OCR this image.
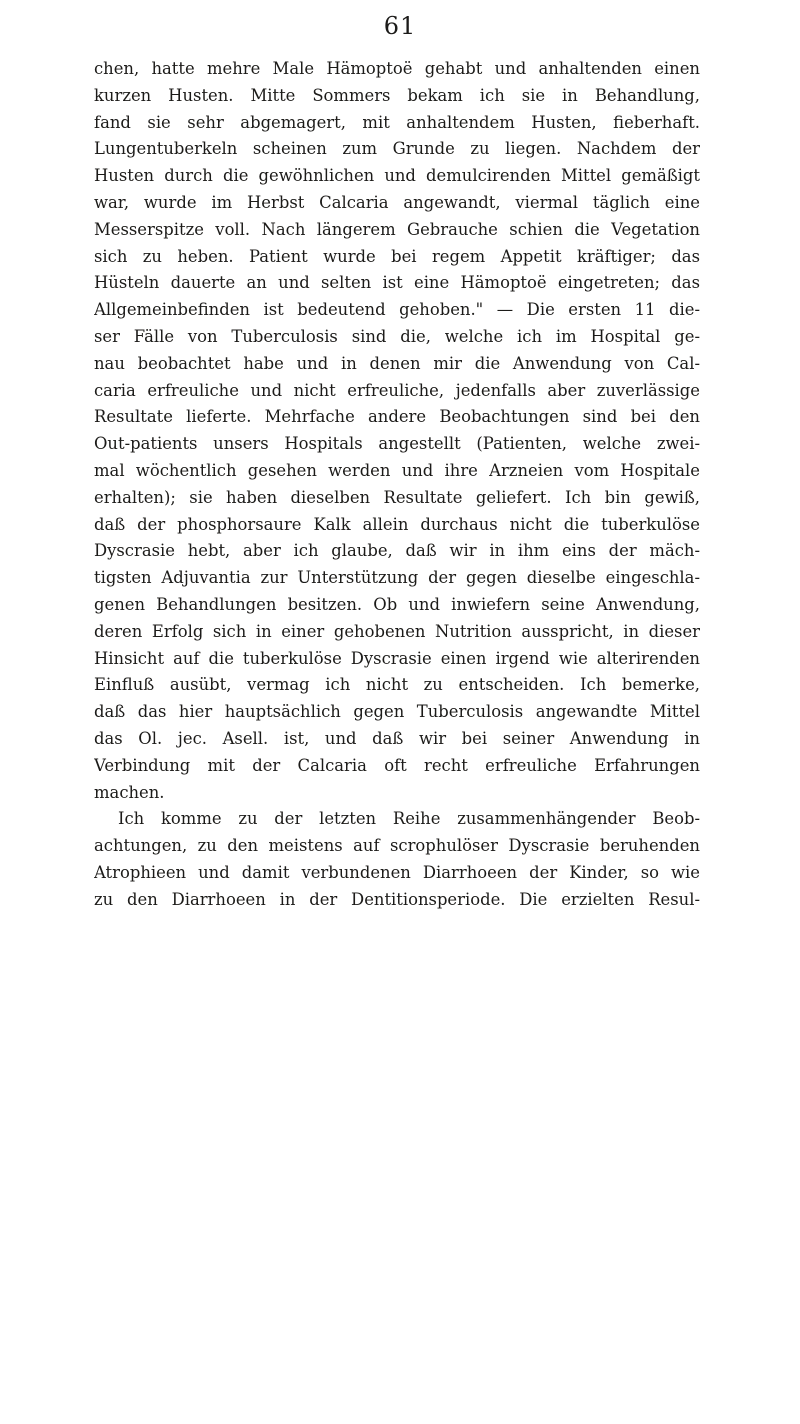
61
chen, hatte mehre Male Hämoptoë gehabt und anhaltenden einen
kurzen Husten. Mitte Sommers bekam ich sie in Behandlung,
fand sie sehr abgemagert, mit anhaltendem Husten, fieberhaft.
Lungentuberkeln scheinen zum Grunde zu liegen. Nachdem der
Husten durch die gewöhnlichen und demulcirenden Mittel gemäßigt
war, wurde im Herbst Calcaria angewandt, viermal täglich eine
Messerspitze voll. Nach längerem Gebrauche schien die Vegetation
sich zu heben. Patient wurde bei regem Appetit kräftiger; das
Hüsteln dauerte an und selten ist eine Hämoptoë eingetreten; das
Allgemeinbefinden ist bedeutend gehoben." — Die ersten 11 die-
ser Fälle von Tuberculosis sind die, welche ich im Hospital ge-
nau beobachtet habe und in denen mir die Anwendung von Cal-
caria erfreuliche und nicht erfreuliche, jedenfalls aber zuverlässige
Resultate lieferte. Mehrfache andere Beobachtungen sind bei den
Out-patients unsers Hospitals angestellt (Patienten, welche zwei-
mal wöchentlich gesehen werden und ihre Arzneien vom Hospitale
erhalten); sie haben dieselben Resultate geliefert. Ich bin gewiß,
daß der phosphorsaure Kalk allein durchaus nicht die tuberkulöse
Dyscrasie hebt, aber ich glaube, daß wir in ihm eins der mäch-
tigsten Adjuvantia zur Unterstützung der gegen dieselbe eingeschla-
genen Behandlungen besitzen. Ob und inwiefern seine Anwendung,
deren Erfolg sich in einer gehobenen Nutrition ausspricht, in dieser
Hinsicht auf die tuberkulöse Dyscrasie einen irgend wie alterirenden
Einfluß ausübt, vermag ich nicht zu entscheiden. Ich bemerke,
daß das hier hauptsächlich gegen Tuberculosis angewandte Mittel
das Ol. jec. Asell. ist, und daß wir bei seiner Anwendung in
Verbindung mit der Calcaria oft recht erfreuliche Erfahrungen
machen.
Ich komme zu der letzten Reihe zusammenhängender Beob-
achtungen, zu den meistens auf scrophulöser Dyscrasie beruhenden
Atrophieen und damit verbundenen Diarrhoeen der Kinder, so wie
zu den Diarrhoeen in der Dentitionsperiode. Die erzielten Resul-
